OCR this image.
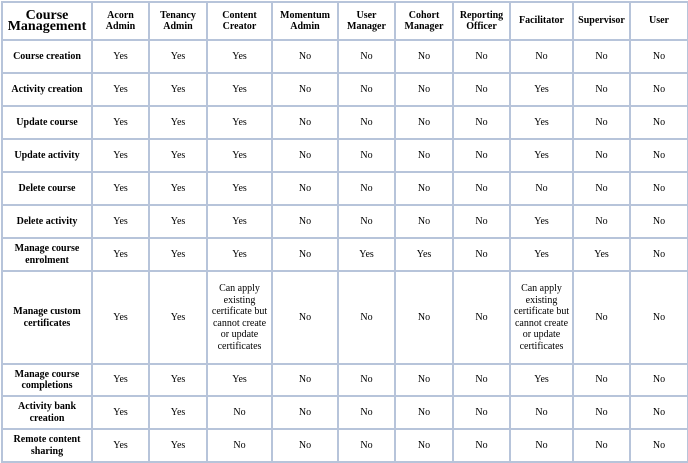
Course Management	Acorn Admin	Tenancy Admin	Content Creator	Momentum Admin	User Manager	Cohort Manager	Reporting Officer	Facilitator	Supervisor	User
Course creation	Yes	Yes	Yes	No	No	No	No	No	No	No
Activity creation	Yes	Yes	Yes	No	No	No	No	Yes	No	No
Update course	Yes	Yes	Yes	No	No	No	No	Yes	No	No
Update activity	Yes	Yes	Yes	No	No	No	No	Yes	No	No
Delete course	Yes	Yes	Yes	No	No	No	No	No	No	No
Delete activity	Yes	Yes	Yes	No	No	No	No	Yes	No	No
Manage course enrolment	Yes	Yes	Yes	No	Yes	Yes	No	Yes	Yes	No
Manage custom certificates	Yes	Yes	Can apply existing certificate but cannot create or update certificates	No	No	No	No	Can apply existing certificate but cannot create or update certificates	No	No
Manage course completions	Yes	Yes	Yes	No	No	No	No	Yes	No	No
Activity bank creation	Yes	Yes	No	No	No	No	No	No	No	No
Remote content sharing	Yes	Yes	No	No	No	No	No	No	No	No
